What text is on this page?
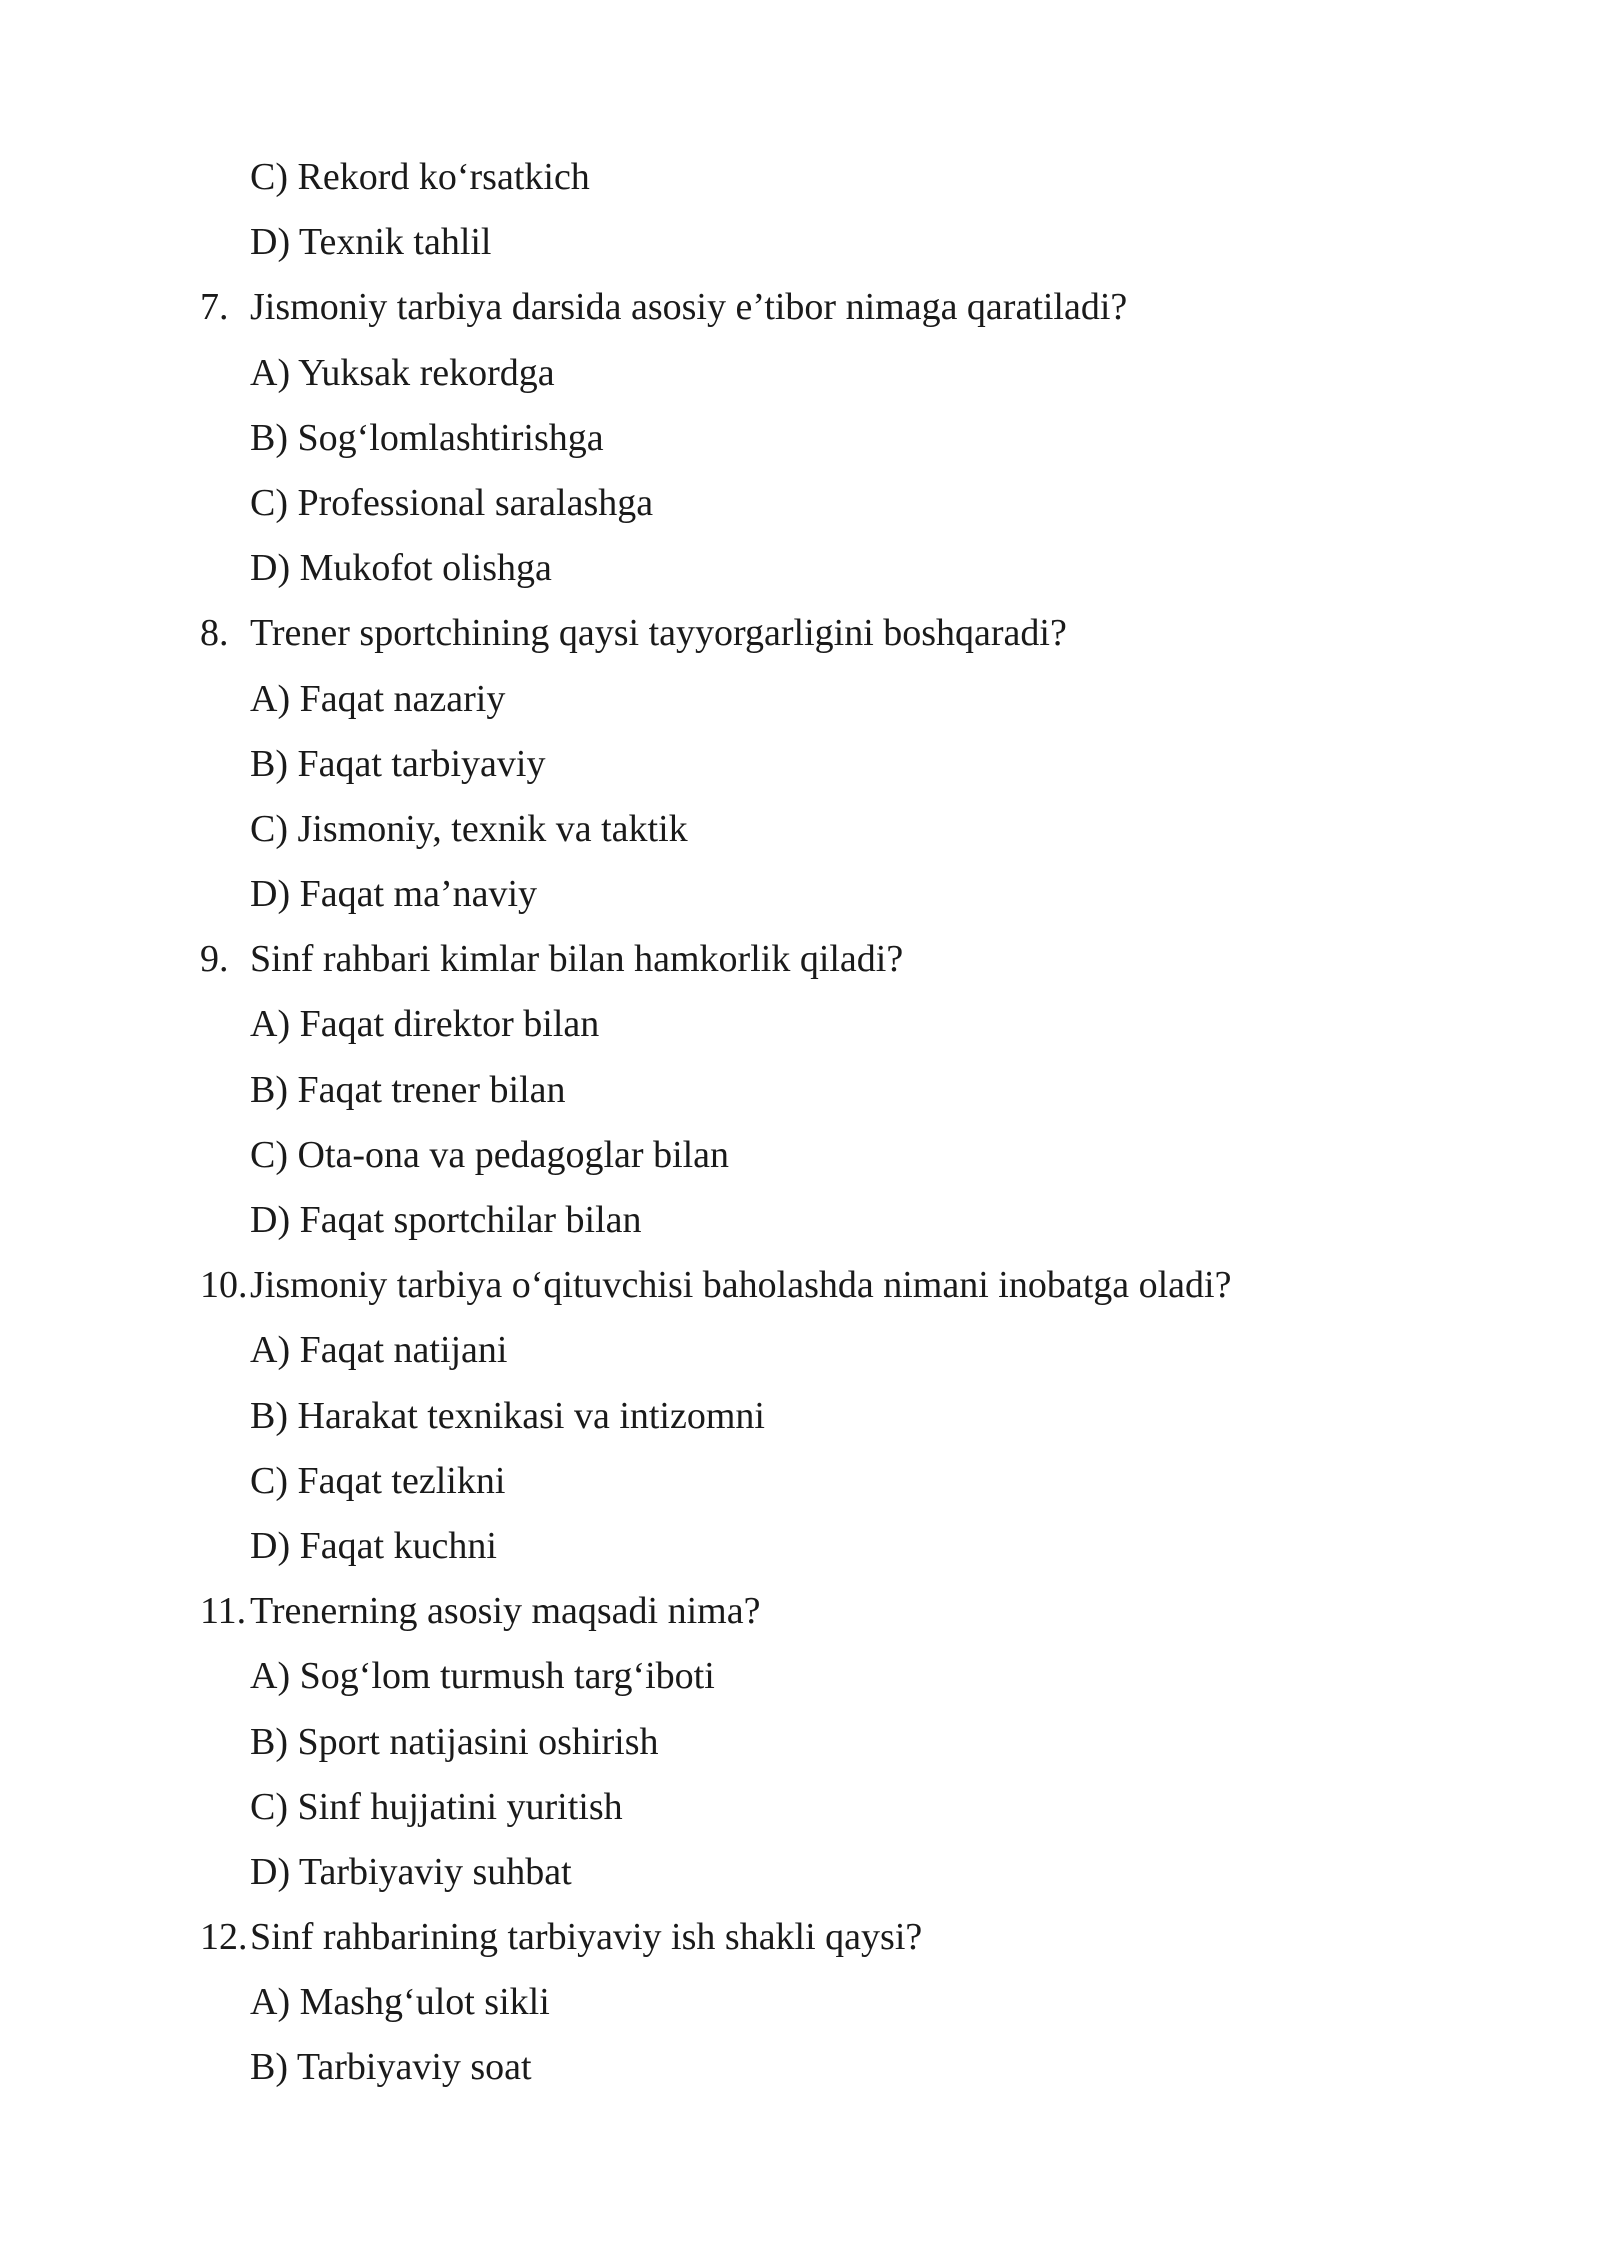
C) Rekord ko‘rsatkich
D) Texnik tahlil
7. Jismoniy tarbiya darsida asosiy e’tibor nimaga qaratiladi?
A) Yuksak rekordga
B) Sog‘lomlashtirishga
C) Professional saralashga
D) Mukofot olishga
8. Trener sportchining qaysi tayyorgarligini boshqaradi?
A) Faqat nazariy
B) Faqat tarbiyaviy
C) Jismoniy, texnik va taktik
D) Faqat ma’naviy
9. Sinf rahbari kimlar bilan hamkorlik qiladi?
A) Faqat direktor bilan
B) Faqat trener bilan
C) Ota-ona va pedagoglar bilan
D) Faqat sportchilar bilan
10.Jismoniy tarbiya o‘qituvchisi baholashda nimani inobatga oladi?
A) Faqat natijani
B) Harakat texnikasi va intizomni
C) Faqat tezlikni
D) Faqat kuchni
11. Trenerning asosiy maqsadi nima?
A) Sog‘lom turmush targ‘iboti
B) Sport natijasini oshirish
C) Sinf hujjatini yuritish
D) Tarbiyaviy suhbat
12.Sinf rahbarining tarbiyaviy ish shakli qaysi?
A) Mashg‘ulot sikli
B) Tarbiyaviy soat
